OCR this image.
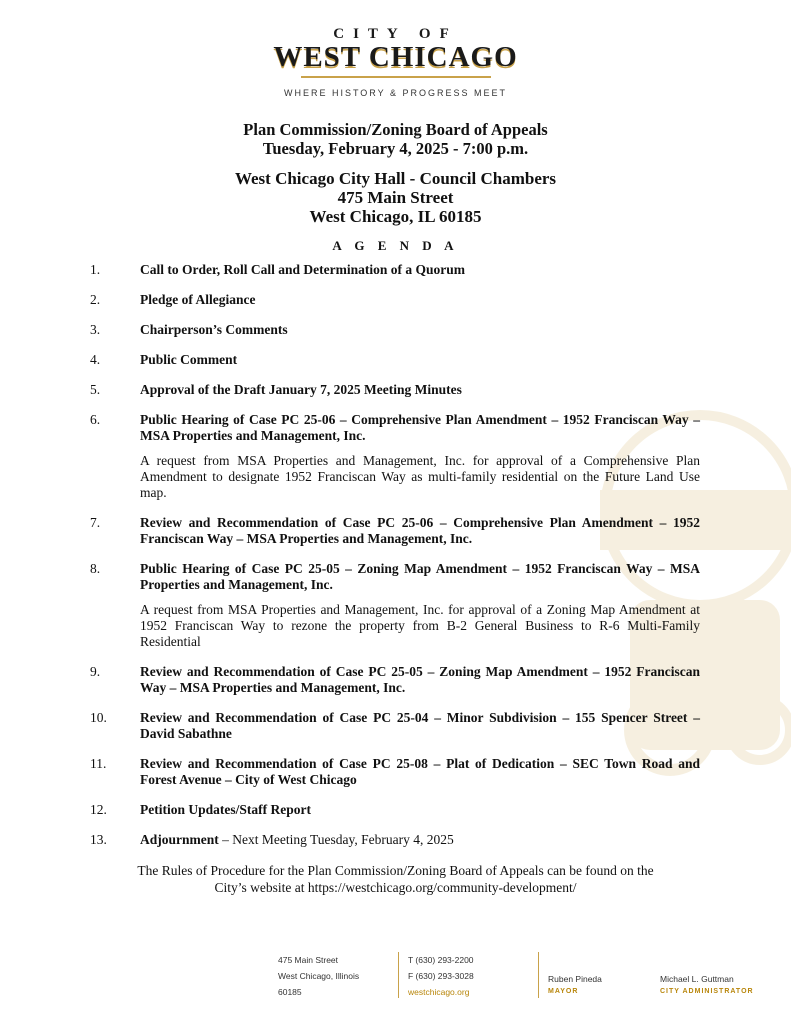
CITY OF
WEST CHICAGO
WHERE HISTORY & PROGRESS MEET
Plan Commission/Zoning Board of Appeals
Tuesday, February 4, 2025 - 7:00 p.m.
West Chicago City Hall - Council Chambers
475 Main Street
West Chicago, IL 60185
A G E N D A
1.	Call to Order, Roll Call and Determination of a Quorum
2.	Pledge of Allegiance
3.	Chairperson’s Comments
4.	Public Comment
5.	Approval of the Draft January 7, 2025 Meeting Minutes
6.	Public Hearing of Case PC 25-06 – Comprehensive Plan Amendment – 1952 Franciscan Way – MSA Properties and Management, Inc.
A request from MSA Properties and Management, Inc. for approval of a Comprehensive Plan Amendment to designate 1952 Franciscan Way as multi-family residential on the Future Land Use map.
7.	Review and Recommendation of Case PC 25-06 – Comprehensive Plan Amendment – 1952 Franciscan Way – MSA Properties and Management, Inc.
8.	Public Hearing of Case PC 25-05 – Zoning Map Amendment – 1952 Franciscan Way – MSA Properties and Management, Inc.
A request from MSA Properties and Management, Inc. for approval of a Zoning Map Amendment at 1952 Franciscan Way to rezone the property from B-2 General Business to R-6 Multi-Family Residential
9.	Review and Recommendation of Case PC 25-05 – Zoning Map Amendment – 1952 Franciscan Way – MSA Properties and Management, Inc.
10.	Review and Recommendation of Case PC 25-04 – Minor Subdivision – 155 Spencer Street – David Sabathne
11.	Review and Recommendation of Case PC 25-08 – Plat of Dedication – SEC Town Road and Forest Avenue – City of West Chicago
12.	Petition Updates/Staff Report
13.	Adjournment – Next Meeting Tuesday, February 4, 2025
The Rules of Procedure for the Plan Commission/Zoning Board of Appeals can be found on the
City’s website at https://westchicago.org/community-development/
475 Main Street
West Chicago, Illinois
60185
T (630) 293-2200
F (630) 293-3028
westchicago.org
Ruben Pineda
MAYOR
Michael L. Guttman
CITY ADMINISTRATOR
